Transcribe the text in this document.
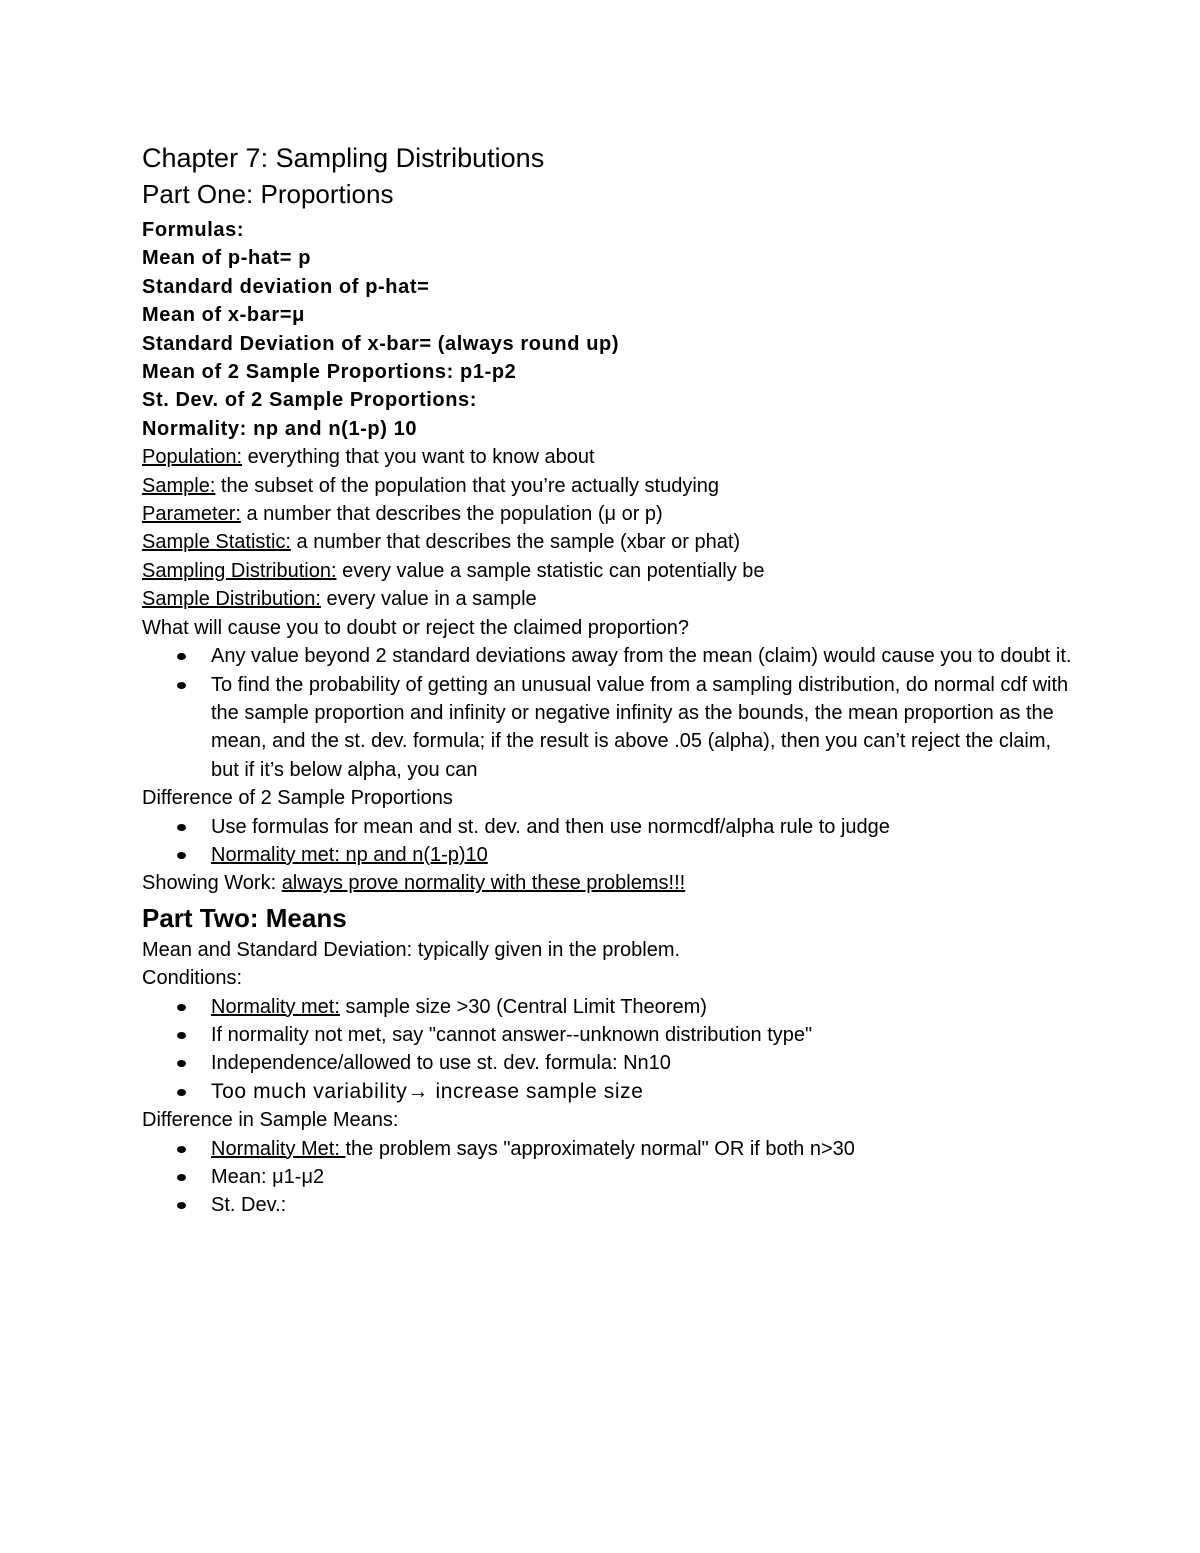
Chapter 7: Sampling Distributions
Part One: Proportions

Formulas:

Mean of p-hat= p

Standard deviation of p-hat=

Mean of x-bar=μ

Standard Deviation of x-bar= (always round up)

Mean of 2 Sample Proportions: p1-p2

St. Dev. of 2 Sample Proportions:

Normality: np and n(1-p) 10

Population: everything that you want to know about

Sample: the subset of the population that you’re actually studying

Parameter: a number that describes the population (μ or p)

Sample Statistic: a number that describes the sample (xbar or phat)

Sampling Distribution: every value a sample statistic can potentially be

Sample Distribution: every value in a sample

What will cause you to doubt or reject the claimed proportion?

Any value beyond 2 standard deviations away from the mean (claim) would cause you to doubt it.
To find the probability of getting an unusual value from a sampling distribution, do normal cdf with the sample proportion and infinity or negative infinity as the bounds, the mean proportion as the mean, and the st. dev. formula; if the result is above .05 (alpha), then you can’t reject the claim, but if it’s below alpha, you can

Difference of 2 Sample Proportions

Use formulas for mean and st. dev. and then use normcdf/alpha rule to judge
Normality met: np and n(1-p)10

Showing Work: always prove normality with these problems!!!

Part Two: Means

Mean and Standard Deviation: typically given in the problem.

Conditions:

Normality met: sample size >30 (Central Limit Theorem)
If normality not met, say "cannot answer--unknown distribution type"
Independence/allowed to use st. dev. formula: Nn10
Too much variability→ increase sample size

Difference in Sample Means:

Normality Met: the problem says "approximately normal" OR if both n>30
Mean: μ1-μ2
St. Dev.:
